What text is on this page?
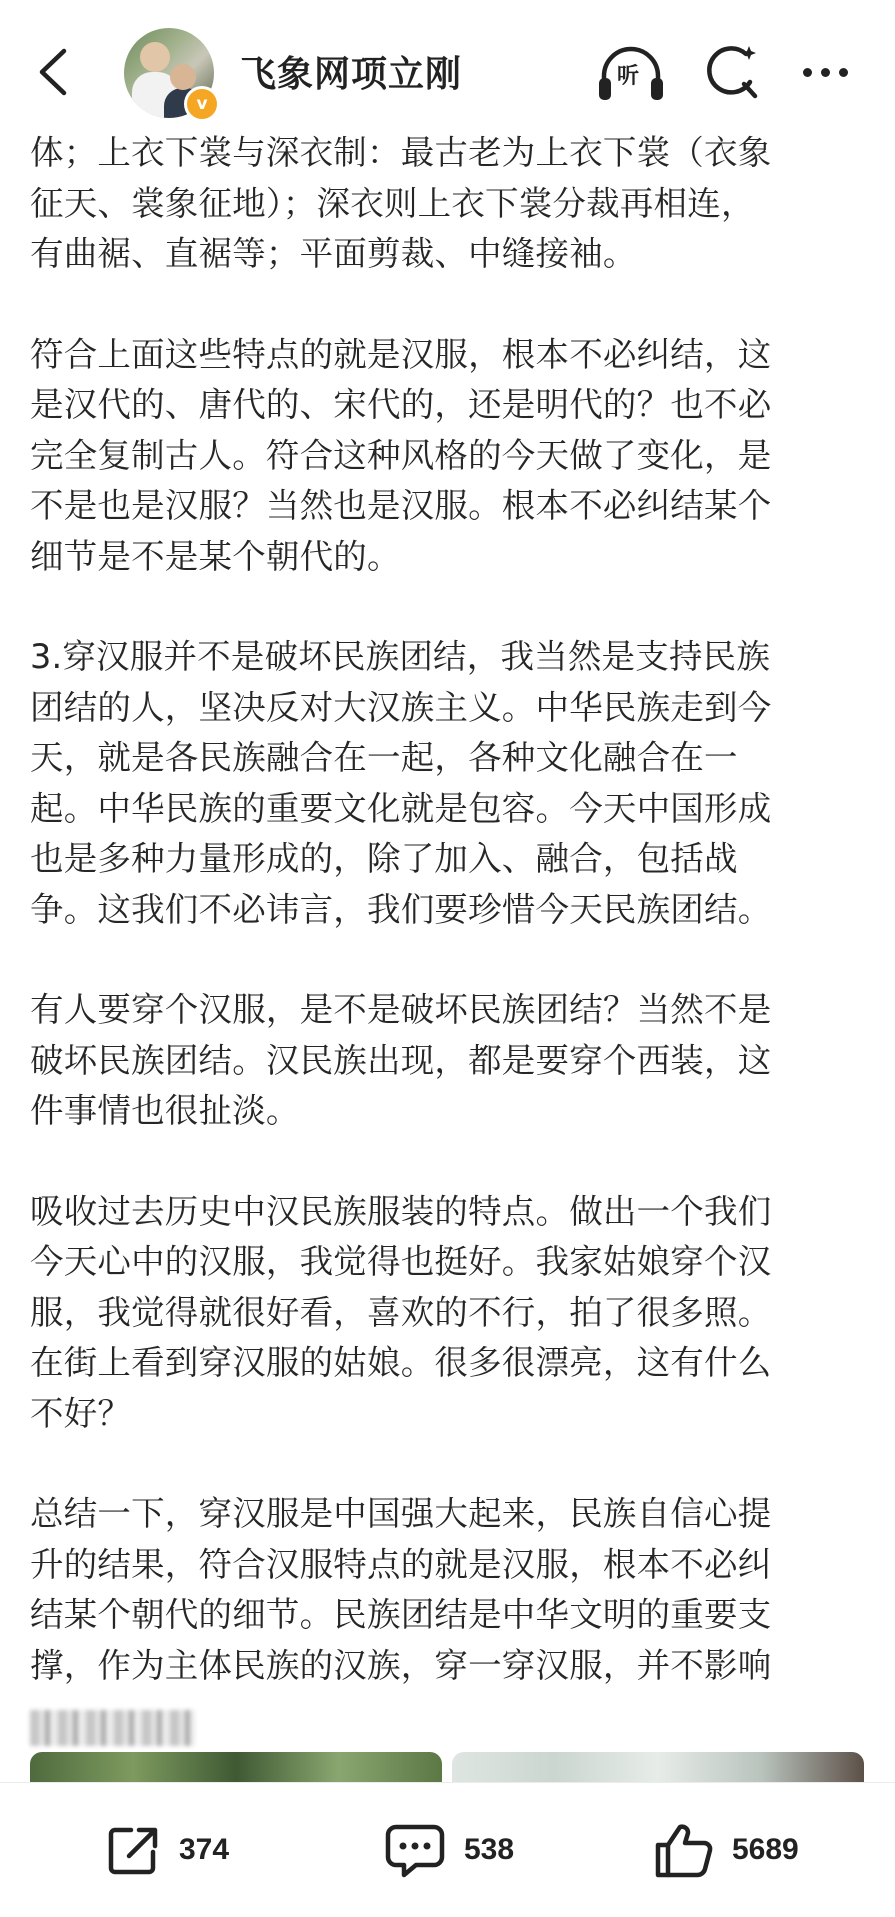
v
飞象网项立刚	听

体；上衣下裳与深衣制：最古老为上衣下裳（衣象
征天、裳象征地）；深衣则上衣下裳分裁再相连，
有曲裾、直裾等；平面剪裁、中缝接袖。

符合上面这些特点的就是汉服，根本不必纠结，这
是汉代的、唐代的、宋代的，还是明代的？也不必
完全复制古人。符合这种风格的今天做了变化，是
不是也是汉服？当然也是汉服。根本不必纠结某个
细节是不是某个朝代的。

3.穿汉服并不是破坏民族团结，我当然是支持民族
团结的人，坚决反对大汉族主义。中华民族走到今
天，就是各民族融合在一起，各种文化融合在一
起。中华民族的重要文化就是包容。今天中国形成
也是多种力量形成的，除了加入、融合，包括战
争。这我们不必讳言，我们要珍惜今天民族团结。

有人要穿个汉服，是不是破坏民族团结？当然不是
破坏民族团结。汉民族出现，都是要穿个西装，这
件事情也很扯淡。

吸收过去历史中汉民族服装的特点。做出一个我们
今天心中的汉服，我觉得也挺好。我家姑娘穿个汉
服，我觉得就很好看，喜欢的不行，拍了很多照。
在街上看到穿汉服的姑娘。很多很漂亮，这有什么
不好？

总结一下，穿汉服是中国强大起来，民族自信心提
升的结果，符合汉服特点的就是汉服，根本不必纠
结某个朝代的细节。民族团结是中华文明的重要支
撑，作为主体民族的汉族，穿一穿汉服，并不影响

374	538	5689
